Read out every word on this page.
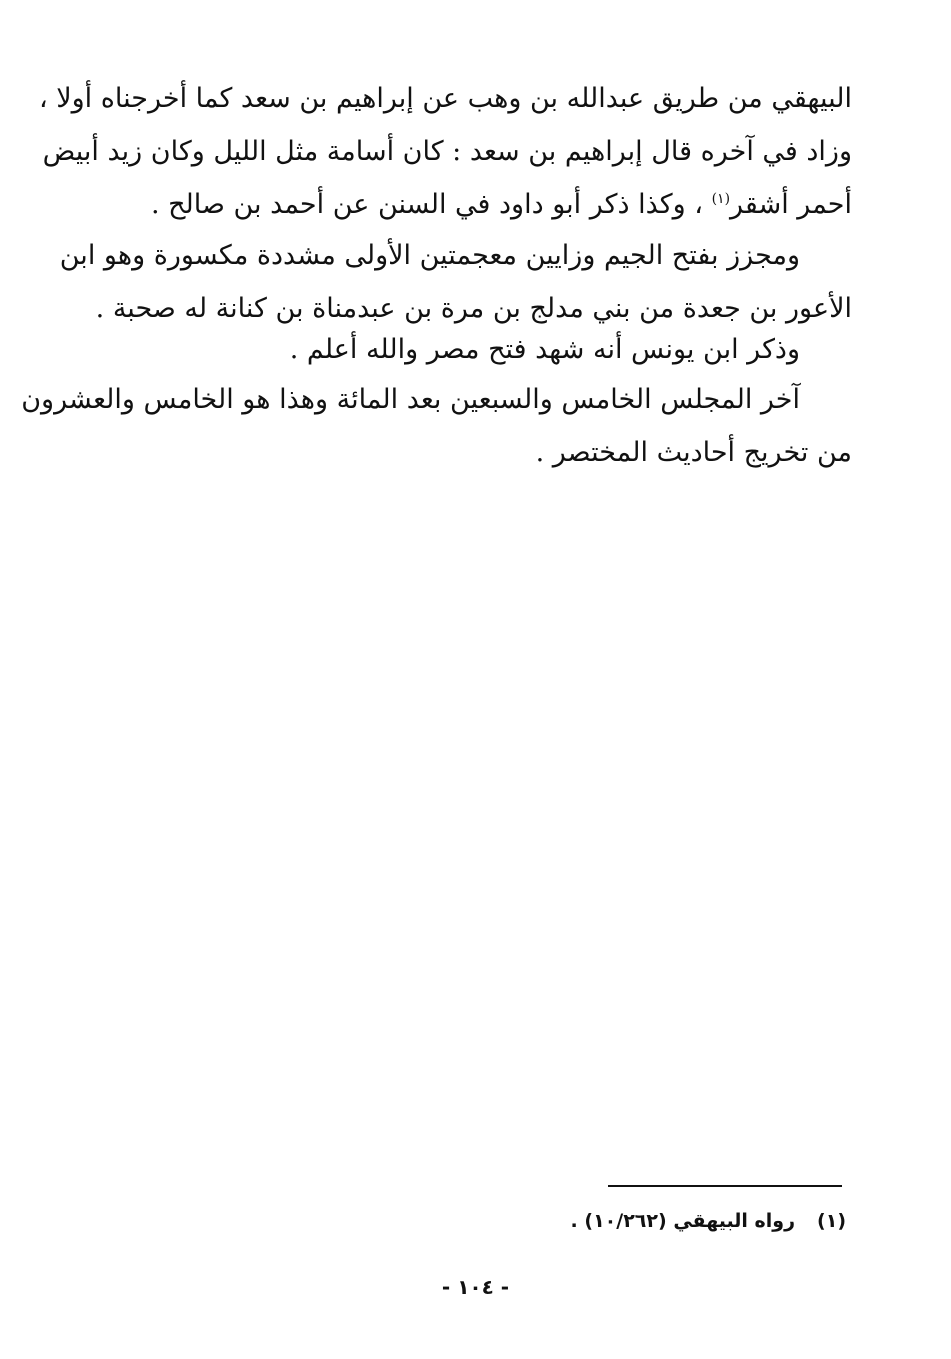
البيهقي من طريق عبدالله بن وهب عن إبراهيم بن سعد كما أخرجناه أولا ،
وزاد في آخره قال إبراهيم بن سعد : كان أسامة مثل الليل وكان زيد أبيض
أحمر أشقر$^{(١)}$ ، وكذا ذكر أبو داود في السنن عن أحمد بن صالح .
ومجزز بفتح الجيم وزايين معجمتين الأولى مشددة مكسورة وهو ابن
الأعور بن جعدة من بني مدلج بن مرة بن عبدمناة بن كنانة له صحبة .
وذكر ابن يونس أنه شهد فتح مصر والله أعلم .
آخر المجلس الخامس والسبعين بعد المائة وهذا هو الخامس والعشرون
من تخريج أحاديث المختصر .
(١)رواه البيهقي (١٠/٢٦٢) .
- ١٠٤ -
